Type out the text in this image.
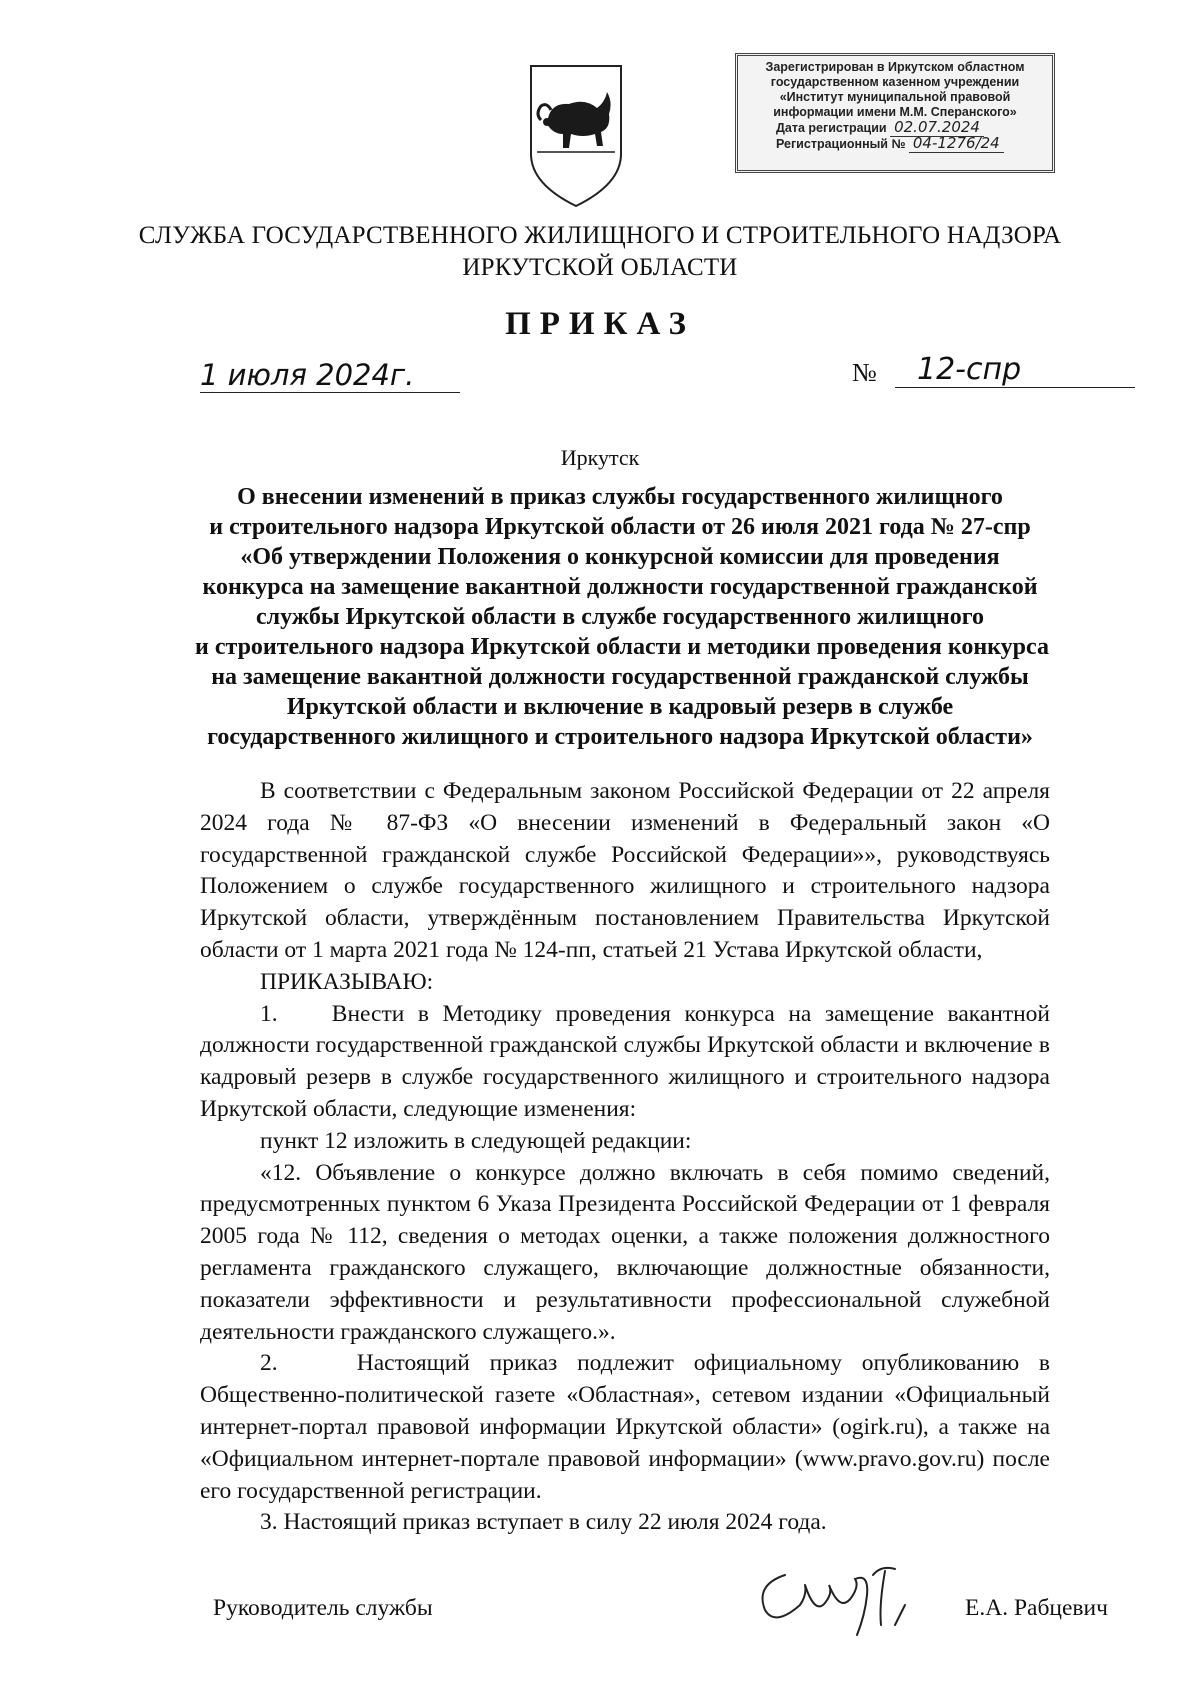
Зарегистрирован в Иркутском областном
государственном казенном учреждении
«Институт муниципальной правовой
информации имени М.М. Сперанского»
Дата регистрации 02.07.2024
Регистрационный № 04-1276/24
СЛУЖБА ГОСУДАРСТВЕННОГО ЖИЛИЩНОГО И СТРОИТЕЛЬНОГО НАДЗОРА
ИРКУТСКОЙ ОБЛАСТИ
ПРИКАЗ
1 июля 2024г.	№	12-спр
Иркутск
О внесении изменений в приказ службы государственного жилищного
и строительного надзора Иркутской области от 26 июля 2021 года № 27-спр
«Об утверждении Положения о конкурсной комиссии для проведения
конкурса на замещение вакантной должности государственной гражданской
службы Иркутской области в службе государственного жилищного
и строительного надзора Иркутской области и методики проведения конкурса
на замещение вакантной должности государственной гражданской службы
Иркутской области и включение в кадровый резерв в службе
государственного жилищного и строительного надзора Иркутской области»

В соответствии с Федеральным законом Российской Федерации от 22 апреля 2024 года № 87-ФЗ «О внесении изменений в Федеральный закон «О государственной гражданской службе Российской Федерации»», руководствуясь Положением о службе государственного жилищного и строительного надзора Иркутской области, утверждённым постановлением Правительства Иркутской области от 1 марта 2021 года № 124-пп, статьей 21 Устава Иркутской области,

ПРИКАЗЫВАЮ:

1.    Внести в Методику проведения конкурса на замещение вакантной должности государственной гражданской службы Иркутской области и включение в кадровый резерв в службе государственного жилищного и строительного надзора Иркутской области, следующие изменения:

пункт 12 изложить в следующей редакции:

«12. Объявление о конкурсе должно включать в себя помимо сведений, предусмотренных пунктом 6 Указа Президента Российской Федерации от 1 февраля 2005 года № 112, сведения о методах оценки, а также положения должностного регламента гражданского служащего, включающие должностные обязанности, показатели эффективности и результативности профессиональной служебной деятельности гражданского служащего.».

2.    Настоящий приказ подлежит официальному опубликованию в Общественно-политической газете «Областная», сетевом издании «Официальный интернет-портал правовой информации Иркутской области» (ogirk.ru), а также на «Официальном интернет-портале правовой информации» (www.pravo.gov.ru) после его государственной регистрации.

3. Настоящий приказ вступает в силу 22 июля 2024 года.

Руководитель службы	Е.А. Рабцевич
